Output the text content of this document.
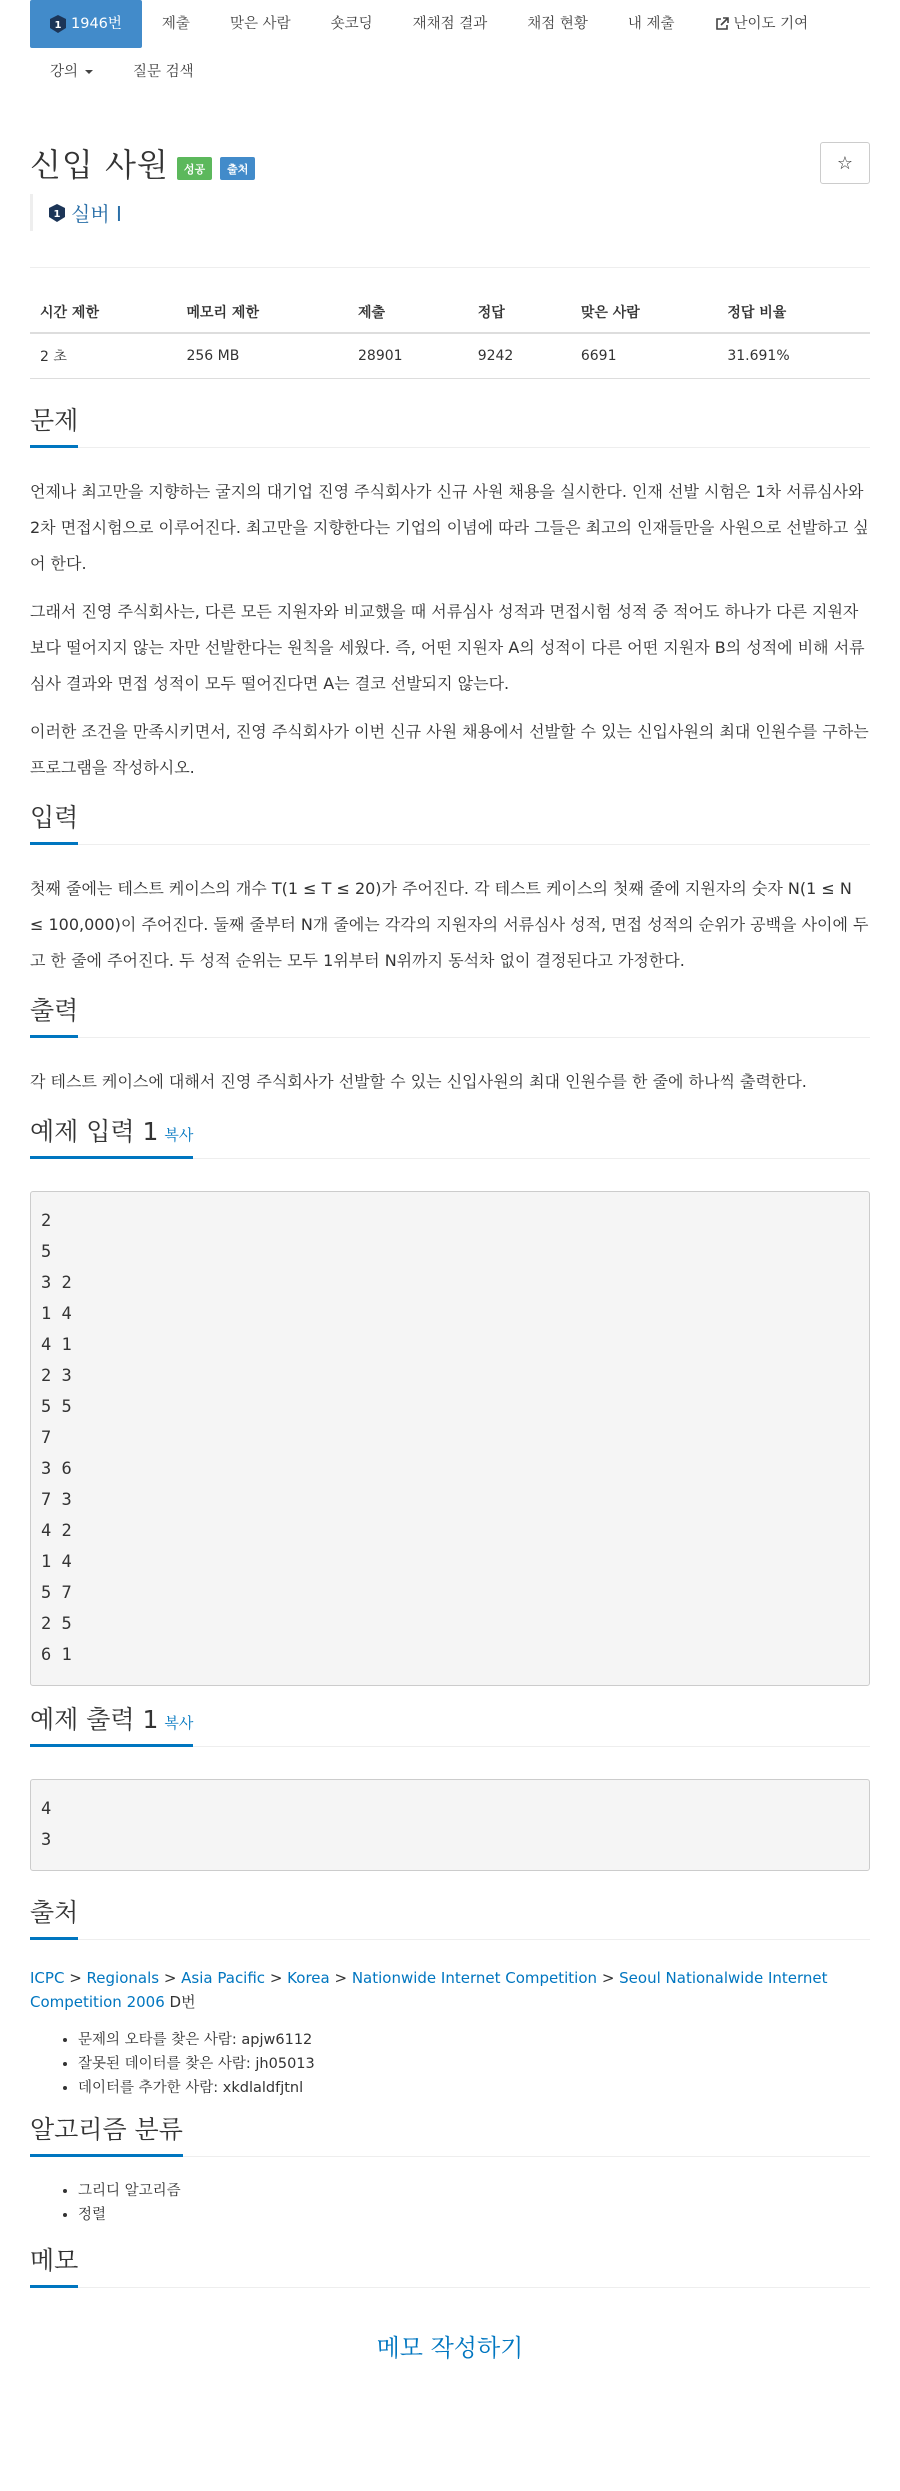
1 1946번	제출	맞은 사람	숏코딩	재채점 결과	채점 현황	내 제출	난이도 기여
강의	질문 검색
신입 사원	성공	출처	☆
1 실버 I
시간 제한	메모리 제한	제출	정답	맞은 사람	정답 비율
2 초	256 MB	28901	9242	6691	31.691%
문제

언제나 최고만을 지향하는 굴지의 대기업 진영 주식회사가 신규 사원 채용을 실시한다. 인재 선발 시험은 1차 서류심사와 2차 면접시험으로 이루어진다. 최고만을 지향한다는 기업의 이념에 따라 그들은 최고의 인재들만을 사원으로 선발하고 싶어 한다.

그래서 진영 주식회사는, 다른 모든 지원자와 비교했을 때 서류심사 성적과 면접시험 성적 중 적어도 하나가 다른 지원자보다 떨어지지 않는 자만 선발한다는 원칙을 세웠다. 즉, 어떤 지원자 A의 성적이 다른 어떤 지원자 B의 성적에 비해 서류 심사 결과와 면접 성적이 모두 떨어진다면 A는 결코 선발되지 않는다.

이러한 조건을 만족시키면서, 진영 주식회사가 이번 신규 사원 채용에서 선발할 수 있는 신입사원의 최대 인원수를 구하는 프로그램을 작성하시오.

입력

첫째 줄에는 테스트 케이스의 개수 T(1 ≤ T ≤ 20)가 주어진다. 각 테스트 케이스의 첫째 줄에 지원자의 숫자 N(1 ≤ N ≤ 100,000)이 주어진다. 둘째 줄부터 N개 줄에는 각각의 지원자의 서류심사 성적, 면접 성적의 순위가 공백을 사이에 두고 한 줄에 주어진다. 두 성적 순위는 모두 1위부터 N위까지 동석차 없이 결정된다고 가정한다.

출력

각 테스트 케이스에 대해서 진영 주식회사가 선발할 수 있는 신입사원의 최대 인원수를 한 줄에 하나씩 출력한다.

예제 입력 1 복사
2
5
3 2
1 4
4 1
2 3
5 5
7
3 6
7 3
4 2
1 4
5 7
2 5
6 1
예제 출력 1 복사
4
3
출처
ICPC > Regionals > Asia Pacific > Korea > Nationwide Internet Competition > Seoul Nationalwide Internet Competition 2006 D번
• 문제의 오타를 찾은 사람: apjw6112
• 잘못된 데이터를 찾은 사람: jh05013
• 데이터를 추가한 사람: xkdlaldfjtnl
알고리즘 분류
• 그리디 알고리즘
• 정렬
메모
메모 작성하기
